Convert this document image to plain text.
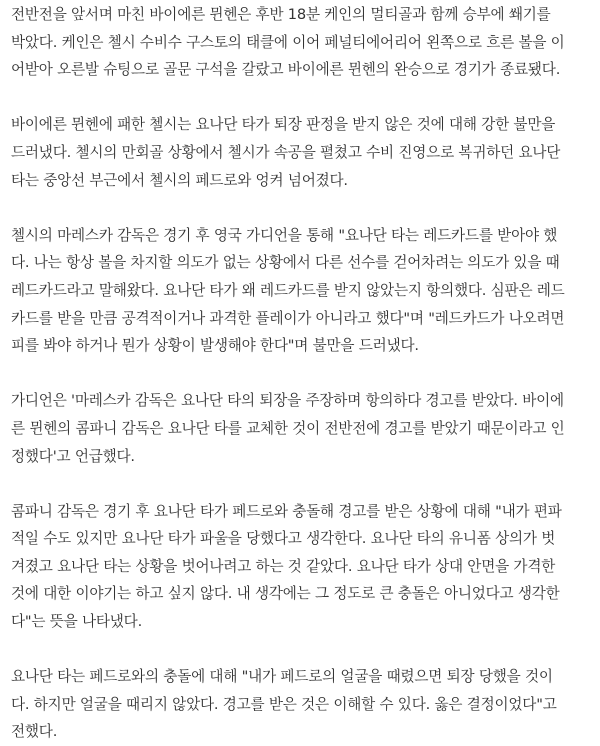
전반전을 앞서며 마친 바이에른 뮌헨은 후반 18분 케인의 멀티골과 함께 승부에 쐐기를
박았다. 케인은 첼시 수비수 구스토의 태클에 이어 페널티에어리어 왼쪽으로 흐른 볼을 이
어받아 오른발 슈팅으로 골문 구석을 갈랐고 바이에른 뮌헨의 완승으로 경기가 종료됐다.

바이에른 뮌헨에 패한 첼시는 요나단 타가 퇴장 판정을 받지 않은 것에 대해 강한 불만을
드러냈다. 첼시의 만회골 상황에서 첼시가 속공을 펼쳤고 수비 진영으로 복귀하던 요나단
타는 중앙선 부근에서 첼시의 페드로와 엉켜 넘어졌다.

첼시의 마레스카 감독은 경기 후 영국 가디언을 통해 "요나단 타는 레드카드를 받아야 했
다. 나는 항상 볼을 차지할 의도가 없는 상황에서 다른 선수를 걷어차려는 의도가 있을 때
레드카드라고 말해왔다. 요나단 타가 왜 레드카드를 받지 않았는지 항의했다. 심판은 레드
카드를 받을 만큼 공격적이거나 과격한 플레이가 아니라고 했다"며 "레드카드가 나오려면
피를 봐야 하거나 뭔가 상황이 발생해야 한다"며 불만을 드러냈다.

가디언은 '마레스카 감독은 요나단 타의 퇴장을 주장하며 항의하다 경고를 받았다. 바이에
른 뮌헨의 콤파니 감독은 요나단 타를 교체한 것이 전반전에 경고를 받았기 때문이라고 인
정했다'고 언급했다.

콤파니 감독은 경기 후 요나단 타가 페드로와 충돌해 경고를 받은 상황에 대해 "내가 편파
적일 수도 있지만 요나단 타가 파울을 당했다고 생각한다. 요나단 타의 유니폼 상의가 벗
겨졌고 요나단 타는 상황을 벗어나려고 하는 것 같았다. 요나단 타가 상대 안면을 가격한
것에 대한 이야기는 하고 싶지 않다. 내 생각에는 그 정도로 큰 충돌은 아니었다고 생각한
다"는 뜻을 나타냈다.

요나단 타는 페드로와의 충돌에 대해 "내가 페드로의 얼굴을 때렸으면 퇴장 당했을 것이
다. 하지만 얼굴을 때리지 않았다. 경고를 받은 것은 이해할 수 있다. 옳은 결정이었다"고
전했다.
